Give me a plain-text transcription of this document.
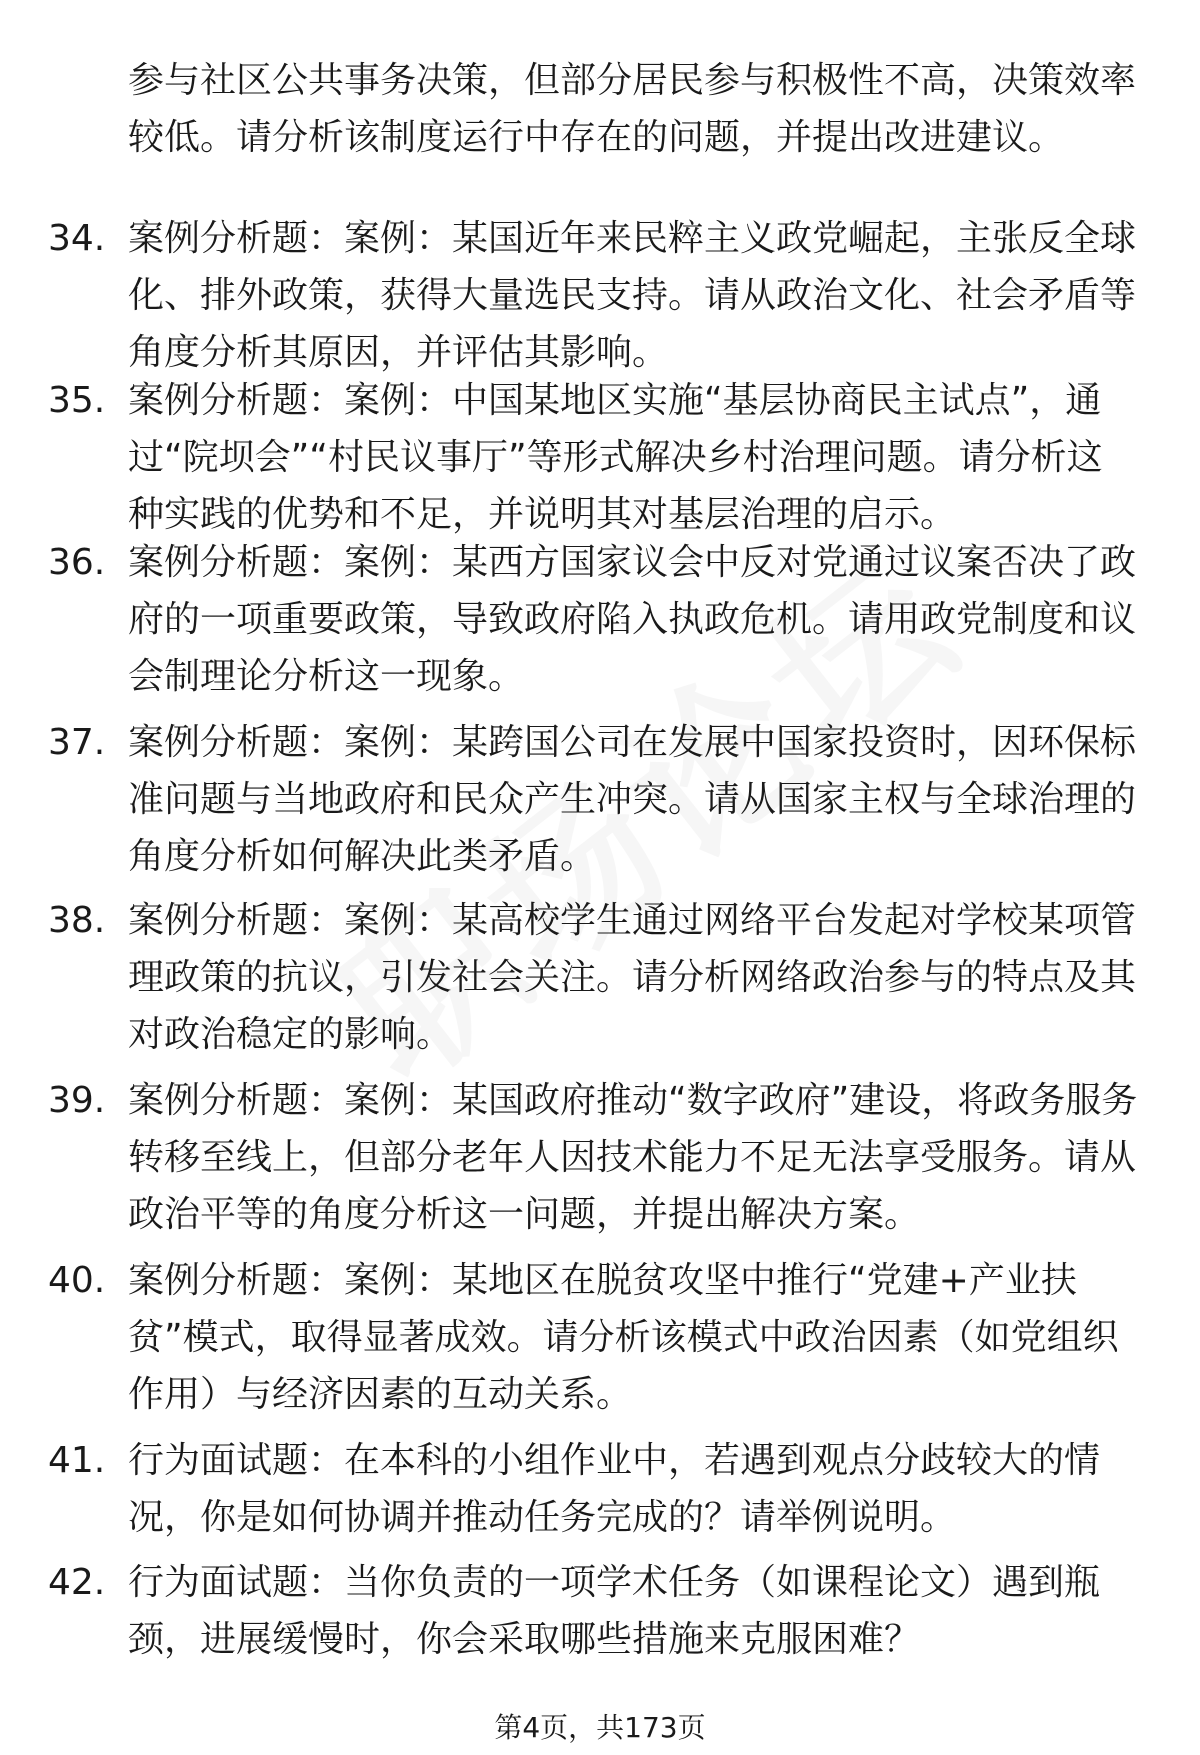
参与社区公共事务决策，但部分居民参与积极性不高，决策效率较低。请分析该制度运行中存在的问题，并提出改进建议。
34. 案例分析题：案例：某国近年来民粹主义政党崛起，主张反全球化、排外政策，获得大量选民支持。请从政治文化、社会矛盾等角度分析其原因，并评估其影响。
35. 案例分析题：案例：中国某地区实施“基层协商民主试点”，通过“院坝会”“村民议事厅”等形式解决乡村治理问题。请分析这种实践的优势和不足，并说明其对基层治理的启示。
36. 案例分析题：案例：某西方国家议会中反对党通过议案否决了政府的一项重要政策，导致政府陷入执政危机。请用政党制度和议会制理论分析这一现象。
37. 案例分析题：案例：某跨国公司在发展中国家投资时，因环保标准问题与当地政府和民众产生冲突。请从国家主权与全球治理的角度分析如何解决此类矛盾。
38. 案例分析题：案例：某高校学生通过网络平台发起对学校某项管理政策的抗议，引发社会关注。请分析网络政治参与的特点及其对政治稳定的影响。
39. 案例分析题：案例：某国政府推动“数字政府”建设，将政务服务转移至线上，但部分老年人因技术能力不足无法享受服务。请从政治平等的角度分析这一问题，并提出解决方案。
40. 案例分析题：案例：某地区在脱贫攻坚中推行“党建+产业扶贫”模式，取得显著成效。请分析该模式中政治因素（如党组织作用）与经济因素的互动关系。
41. 行为面试题：在本科的小组作业中，若遇到观点分歧较大的情况，你是如何协调并推动任务完成的？请举例说明。
42. 行为面试题：当你负责的一项学术任务（如课程论文）遇到瓶颈，进展缓慢时，你会采取哪些措施来克服困难？
第4页，共173页
